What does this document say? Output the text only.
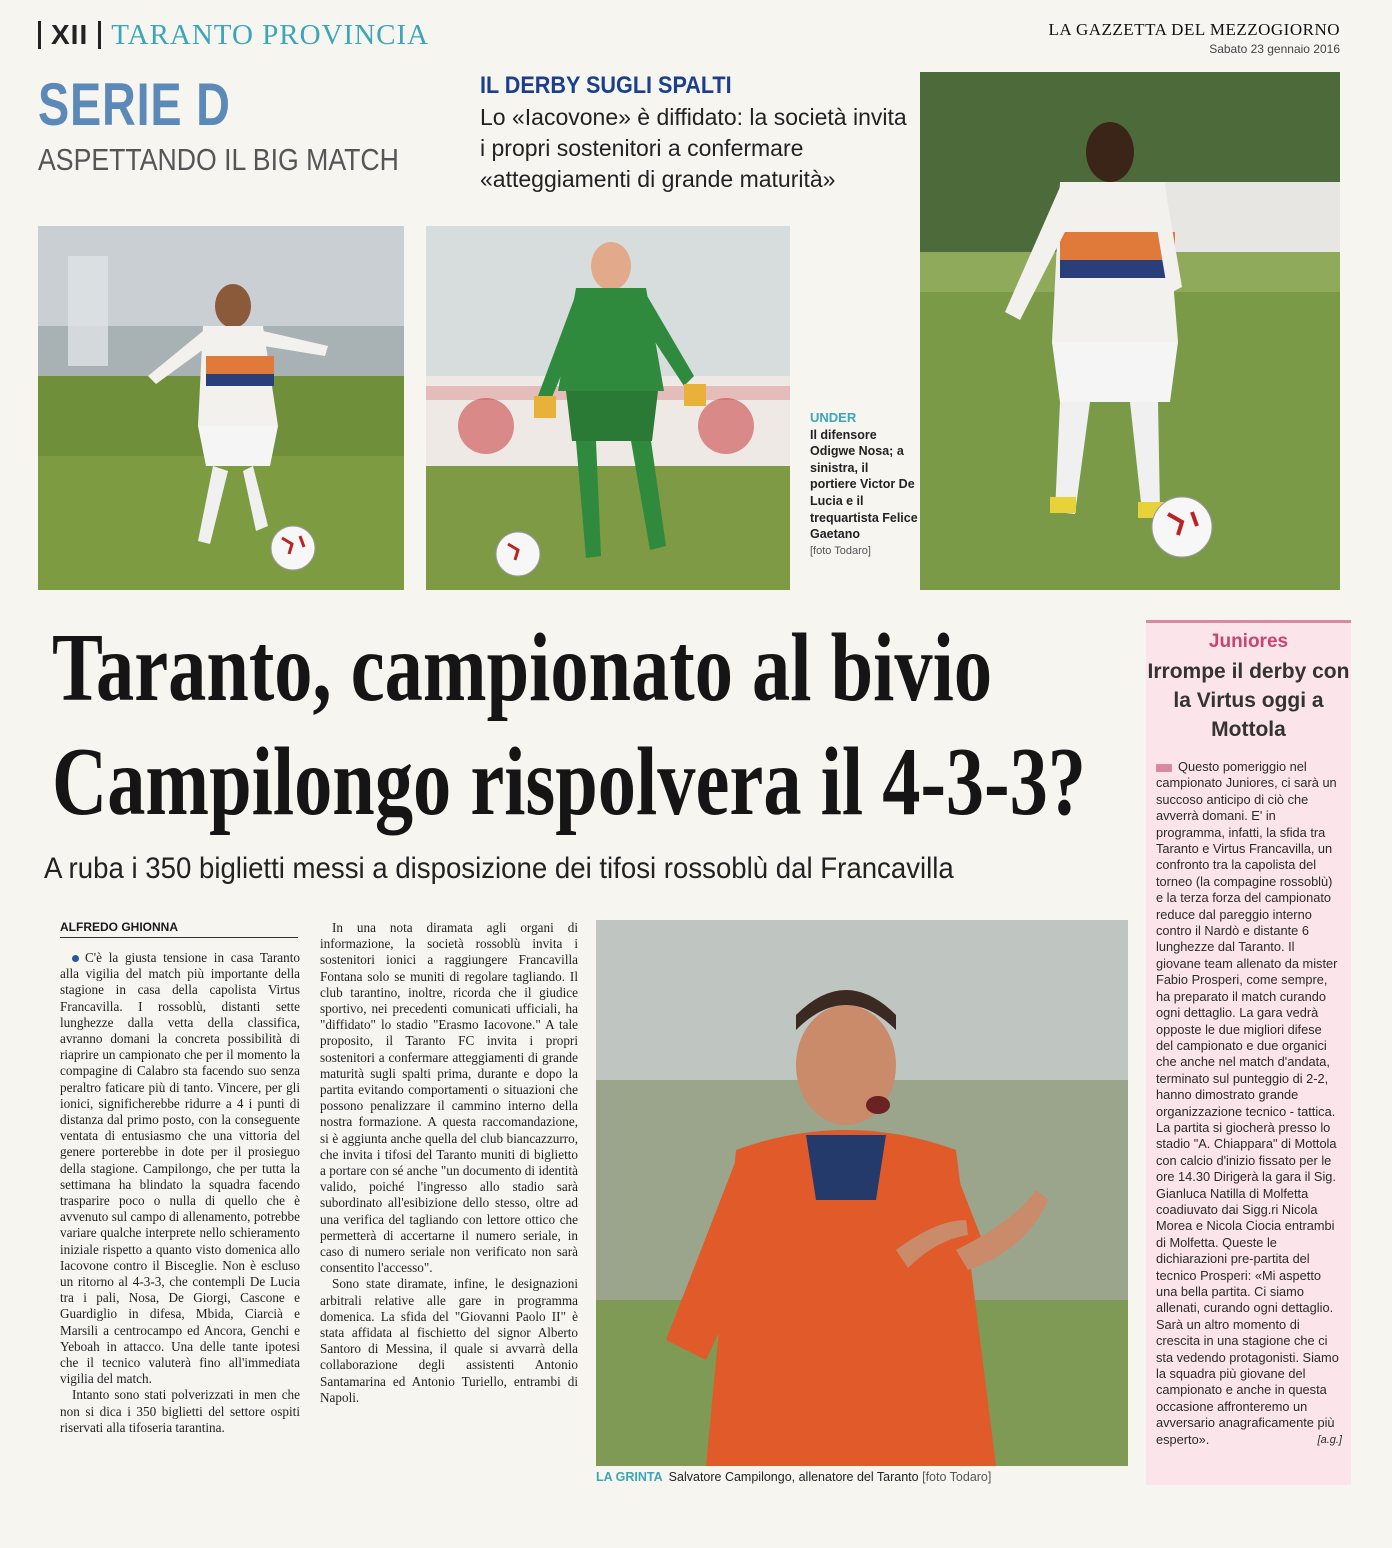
XII TARANTO PROVINCIA	LA GAZZETTA DEL MEZZOGIORNO
Sabato 23 gennaio 2016
SERIE D
ASPETTANDO IL BIG MATCH
IL DERBY SUGLI SPALTI
Lo «Iacovone» è diffidato: la società invita i propri sostenitori a confermare «atteggiamenti di grande maturità»
UNDER
Il difensore Odigwe Nosa; a sinistra, il portiere Victor De Lucia e il trequartista Felice Gaetano
[foto Todaro]
Taranto, campionato al bivio
Campilongo rispolvera il 4-3-3?
A ruba i 350 biglietti messi a disposizione dei tifosi rossoblù dal Francavilla
ALFREDO GHIONNA

C'è la giusta tensione in casa Taranto alla vigilia del match più importante della stagione in casa della capolista Virtus Francavilla. I rossoblù, distanti sette lunghezze dalla vetta della classifica, avranno domani la concreta possibilità di riaprire un campionato che per il momento la compagine di Calabro sta facendo suo senza peraltro faticare più di tanto. Vincere, per gli ionici, significherebbe ridurre a 4 i punti di distanza dal primo posto, con la conseguente ventata di entusiasmo che una vittoria del genere porterebbe in dote per il prosieguo della stagione. Campilongo, che per tutta la settimana ha blindato la squadra facendo trasparire poco o nulla di quello che è avvenuto sul campo di allenamento, potrebbe variare qualche interprete nello schieramento iniziale rispetto a quanto visto domenica allo Iacovone contro il Bisceglie. Non è escluso un ritorno al 4-3-3, che contempli De Lucia tra i pali, Nosa, De Giorgi, Cascone e Guardiglio in difesa, Mbida, Ciarcià e Marsili a centrocampo ed Ancora, Genchi e Yeboah in attacco. Una delle tante ipotesi che il tecnico valuterà fino all'immediata vigilia del match.

Intanto sono stati polverizzati in men che non si dica i 350 biglietti del settore ospiti riservati alla tifoseria tarantina.

In una nota diramata agli organi di informazione, la società rossoblù invita i sostenitori ionici a raggiungere Francavilla Fontana solo se muniti di regolare tagliando. Il club tarantino, inoltre, ricorda che il giudice sportivo, nei precedenti comunicati ufficiali, ha "diffidato" lo stadio "Erasmo Iacovone." A tale proposito, il Taranto FC invita i propri sostenitori a confermare atteggiamenti di grande maturità sugli spalti prima, durante e dopo la partita evitando comportamenti o situazioni che possono penalizzare il cammino interno della nostra formazione. A questa raccomandazione, si è aggiunta anche quella del club biancazzurro, che invita i tifosi del Taranto muniti di biglietto a portare con sé anche "un documento di identità valido, poiché l'ingresso allo stadio sarà subordinato all'esibizione dello stesso, oltre ad una verifica del tagliando con lettore ottico che permetterà di accertarne il numero seriale, in caso di numero seriale non verificato non sarà consentito l'accesso".

Sono state diramate, infine, le designazioni arbitrali relative alle gare in programma domenica. La sfida del "Giovanni Paolo II" è stata affidata al fischietto del signor Alberto Santoro di Messina, il quale si avvarrà della collaborazione degli assistenti Antonio Santamarina ed Antonio Turiello, entrambi di Napoli.

LA GRINTA Salvatore Campilongo, allenatore del Taranto [foto Todaro]
Juniores
Irrompe il derby con la Virtus oggi a Mottola
Questo pomeriggio nel campionato Juniores, ci sarà un succoso anticipo di ciò che avverrà domani. E' in programma, infatti, la sfida tra Taranto e Virtus Francavilla, un confronto tra la capolista del torneo (la compagine rossoblù) e la terza forza del campionato reduce dal pareggio interno contro il Nardò e distante 6 lunghezze dal Taranto. Il giovane team allenato da mister Fabio Prosperi, come sempre, ha preparato il match curando ogni dettaglio. La gara vedrà opposte le due migliori difese del campionato e due organici che anche nel match d'andata, terminato sul punteggio di 2-2, hanno dimostrato grande organizzazione tecnico - tattica. La partita si giocherà presso lo stadio "A. Chiappara" di Mottola con calcio d'inizio fissato per le ore 14.30 Dirigerà la gara il Sig. Gianluca Natilla di Molfetta coadiuvato dai Sigg.ri Nicola Morea e Nicola Ciocia entrambi di Molfetta. Queste le dichiarazioni pre-partita del tecnico Prosperi: «Mi aspetto una bella partita. Ci siamo allenati, curando ogni dettaglio. Sarà un altro momento di crescita in una stagione che ci sta vedendo protagonisti. Siamo la squadra più giovane del campionato e anche in questa occasione affronteremo un avversario anagraficamente più esperto».	[a.g.]
